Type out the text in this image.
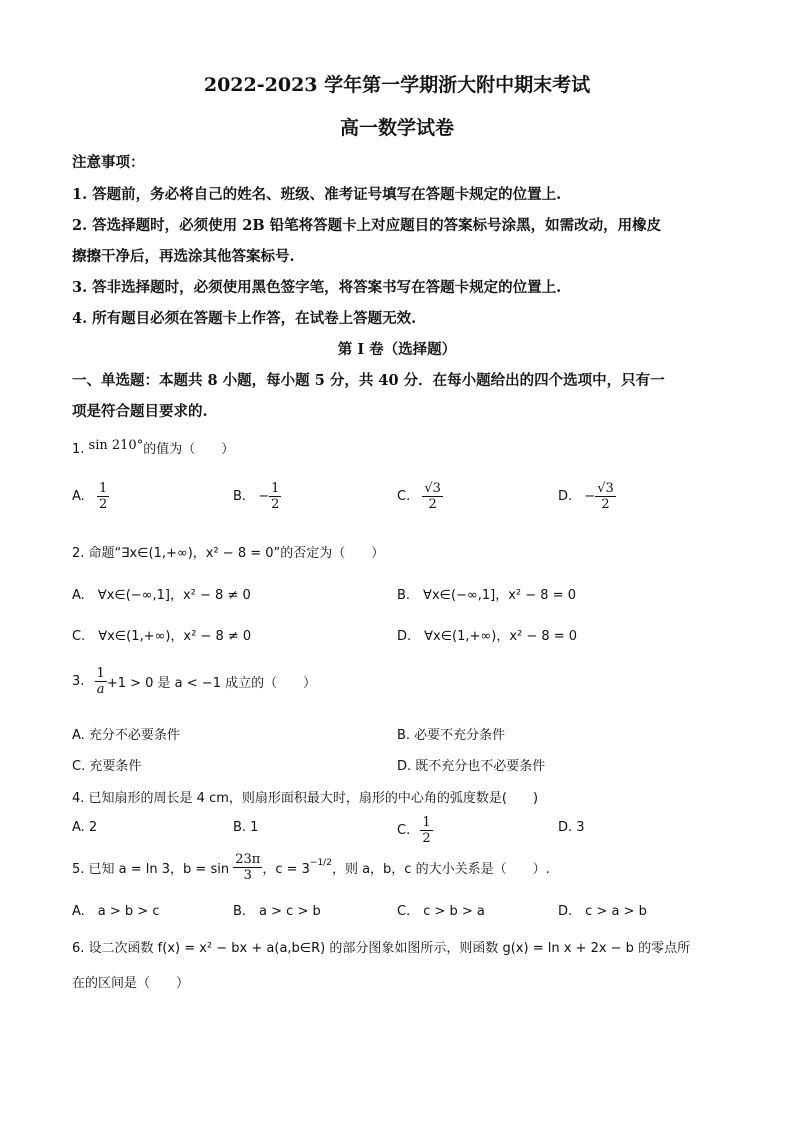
2022-2023 学年第一学期浙大附中期末考试
高一数学试卷
注意事项：
1. 答题前，务必将自己的姓名、班级、准考证号填写在答题卡规定的位置上.
2. 答选择题时，必须使用 2B 铅笔将答题卡上对应题目的答案标号涂黑，如需改动，用橡皮
擦擦干净后，再选涂其他答案标号.
3. 答非选择题时，必须使用黑色签字笔，将答案书写在答题卡规定的位置上.
4. 所有题目必须在答题卡上作答，在试卷上答题无效.
第 I 卷（选择题）
一、单选题：本题共 8 小题，每小题 5 分，共 40 分．在每小题给出的四个选项中，只有一
项是符合题目要求的.
1. sin 210°的值为（　　）
A. $\frac{1}{2}$	B. − $\frac{1}{2}$	C. $\frac{√3}{2}$	D. − $\frac{√3}{2}$
2. 命题“∃x∈(1,+∞)，x² − 8 = 0”的否定为（　　）
A.　∀x∈(−∞,1]，x² − 8 ≠ 0	B.　∀x∈(−∞,1]，x² − 8 = 0
C.　∀x∈(1,+∞)，x² − 8 ≠ 0	D.　∀x∈(1,+∞)，x² − 8 = 0
3. $\frac{1}{a} +1 > 0$ 是 a < −1 成立的（　　）
A. 充分不必要条件	B. 必要不充分条件
C. 充要条件	D. 既不充分也不必要条件
4. 已知扇形的周长是 4 cm，则扇形面积最大时，扇形的中心角的弧度数是(　　)
A. 2	B. 1	C. $\frac{1}{2}$	D. 3
5. 已知 a = ln 3，$b = \sin \frac{23\pi}{3}$ ，$c = 3^{-1/2}$，则 a，b，c 的大小关系是（　　）.
A.　a > b > c	B.　a > c > b	C.　c > b > a	D.　c > a > b
6. 设二次函数 f(x) = x² − bx + a(a,b∈R) 的部分图象如图所示，则函数 g(x) = ln x + 2x − b 的零点所
在的区间是（　　）
